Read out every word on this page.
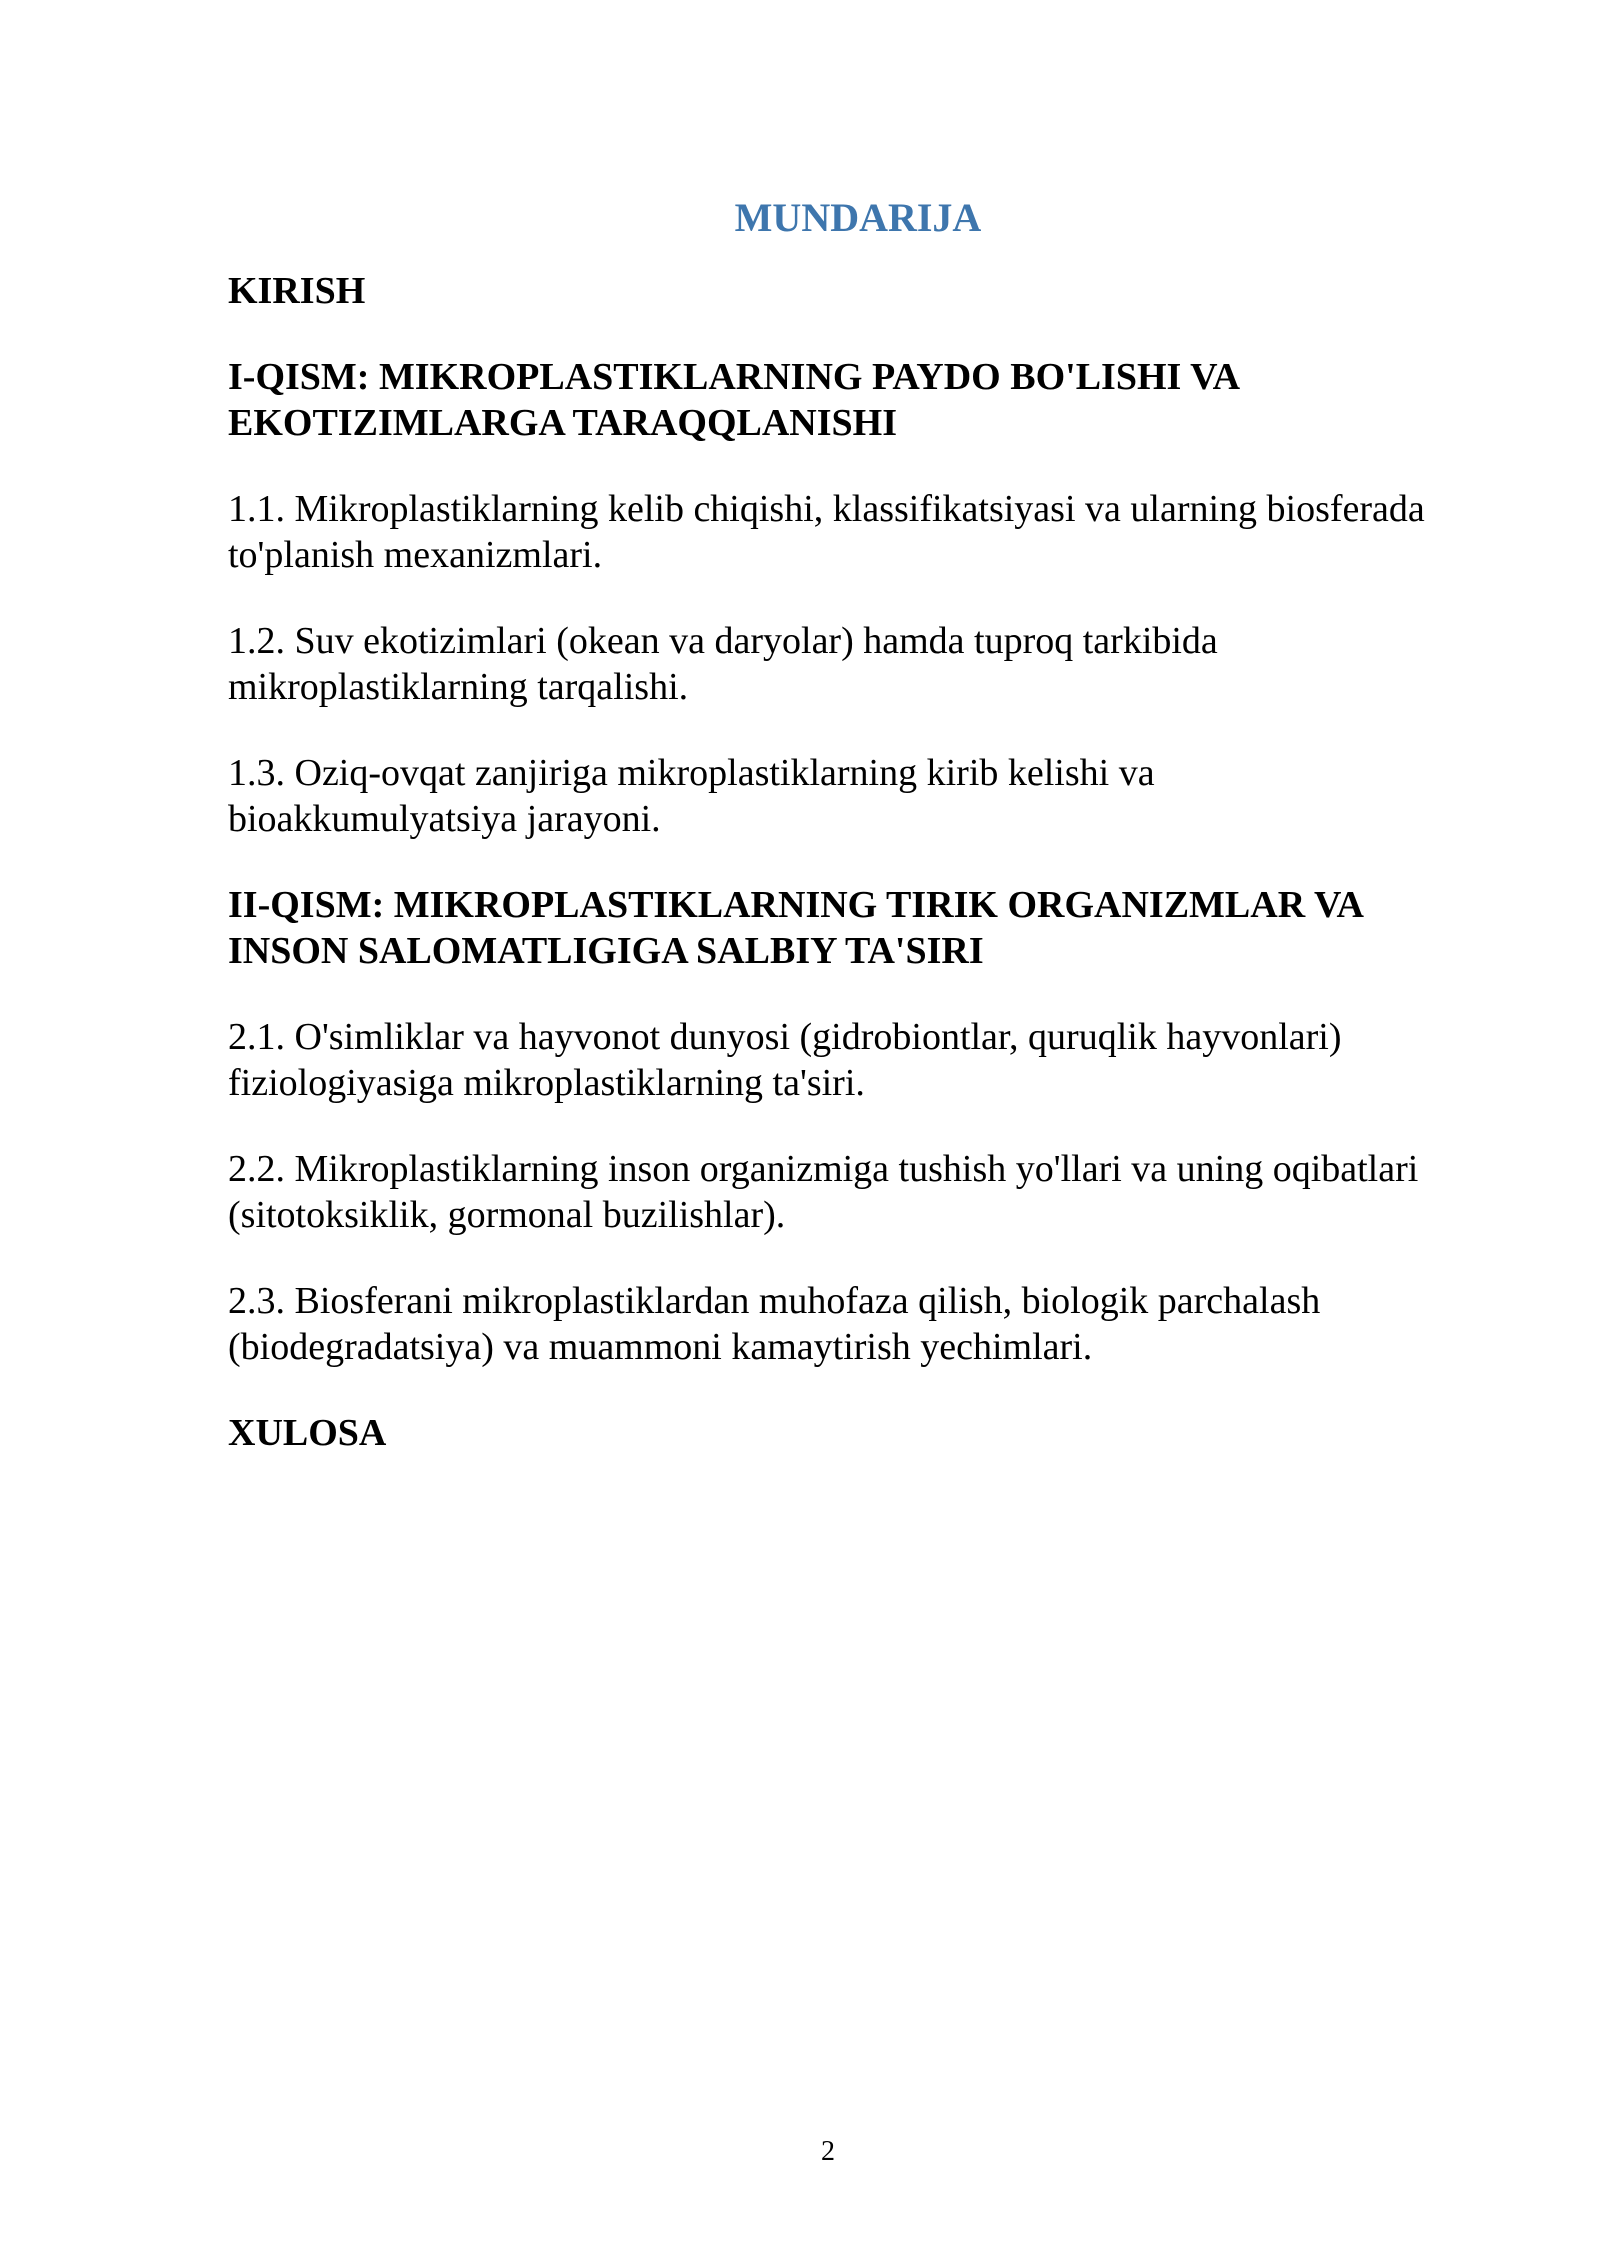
MUNDARIJA
KIRISH
I-QISM: MIKROPLASTIKLARNING PAYDO BO'LISHI VA EKOTIZIMLARGA TARAQQLANISHI
1.1. Mikroplastiklarning kelib chiqishi, klassifikatsiyasi va ularning biosferada to'planish mexanizmlari.
1.2. Suv ekotizimlari (okean va daryolar) hamda tuproq tarkibida mikroplastiklarning tarqalishi.
1.3. Oziq-ovqat zanjiriga mikroplastiklarning kirib kelishi va bioakkumulyatsiya jarayoni.
II-QISM: MIKROPLASTIKLARNING TIRIK ORGANIZMLAR VA INSON SALOMATLIGIGA SALBIY TA'SIRI
2.1. O'simliklar va hayvonot dunyosi (gidrobiontlar, quruqlik hayvonlari) fiziologiyasiga mikroplastiklarning ta'siri.
2.2. Mikroplastiklarning inson organizmiga tushish yo'llari va uning oqibatlari (sitotoksiklik, gormonal buzilishlar).
2.3. Biosferani mikroplastiklardan muhofaza qilish, biologik parchalash (biodegradatsiya) va muammoni kamaytirish yechimlari.
XULOSA
2
